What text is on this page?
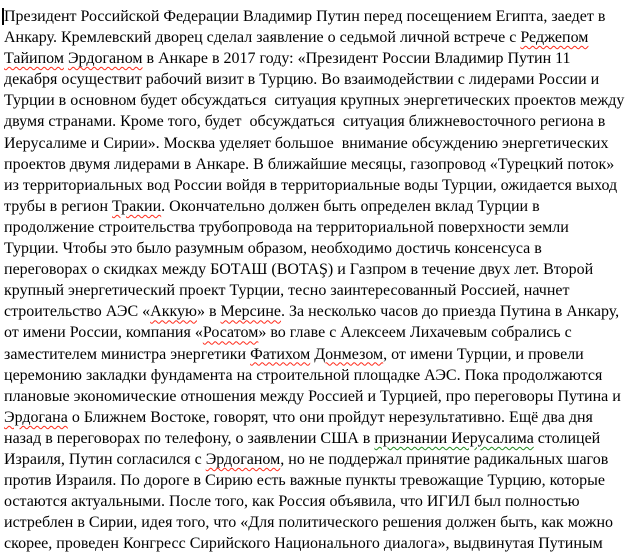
Президент Российской Федерации Владимир Путин перед посещением Египта, заедет в
Анкару. Кремлевский дворец сделал заявление о седьмой личной встрече с Реджепом
Тайипом Эрдоганом в Анкаре в 2017 году: «Президент России Владимир Путин 11
декабря осуществит рабочий визит в Турцию. Во взаимодействии с лидерами России и
Турции в основном будет обсуждаться  ситуация крупных энергетических проектов между
двумя странами. Кроме того, будет  обсуждаться  ситуация ближневосточного региона в
Иерусалиме и Сирии». Москва уделяет большое  внимание обсуждению энергетических
проектов двумя лидерами в Анкаре. В ближайшие месяцы, газопровод «Турецкий поток»
из территориальных вод России войдя в территориальные воды Турции, ожидается выход
трубы в регион Тракии. Окончательно должен быть определен вклад Турции в
продолжение строительства трубопровода на территориальной поверхности земли
Турции. Чтобы это было разумным образом, необходимо достичь консенсуса в
переговорах о скидках между БОТАШ (BOTAŞ) и Газпром в течение двух лет. Второй
крупный энергетический проект Турции, тесно заинтересованный Россией, начнет
строительство АЭС «Аккую» в Мерсине. За несколько часов до приезда Путина в Анкару,
от имени России, компания «Росатом» во главе с Алексеем Лихачевым собрались с
заместителем министра энергетики Фатихом Донмезом, от имени Турции, и провели
церемонию закладки фундамента на строительной площадке АЭС. Пока продолжаются
плановые экономические отношения между Россией и Турцией, про переговоры Путина и
Эрдогана о Ближнем Востоке, говорят, что они пройдут нерезультативно. Ещё два дня
назад в переговорах по телефону, о заявлении США в признании Иерусалима столицей
Израиля, Путин согласился с Эрдоганом, но не поддержал принятие радикальных шагов
против Израиля. По дороге в Сирию есть важные пункты тревожащие Турцию, которые
остаются актуальными. После того, как Россия объявила, что ИГИЛ был полностью
истреблен в Сирии, идея того, что «Для политического решения должен быть, как можно
скорее, проведен Конгресс Сирийского Национального диалога», выдвинутая Путиным
